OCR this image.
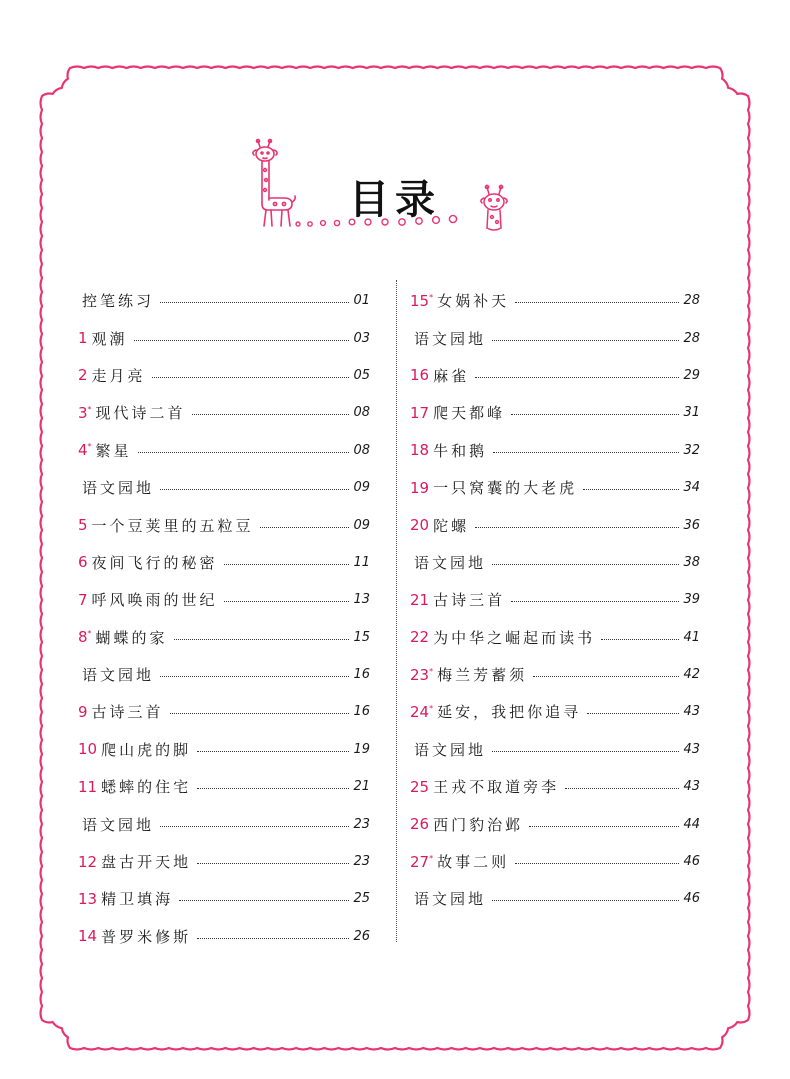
目录
控笔练习	01
1 观潮	03
2 走月亮	05
3* 现代诗二首	08
4* 繁星	08
语文园地	09
5 一个豆荚里的五粒豆	09
6 夜间飞行的秘密	11
7 呼风唤雨的世纪	13
8* 蝴蝶的家	15
语文园地	16
9 古诗三首	16
10 爬山虎的脚	19
11 蟋蟀的住宅	21
语文园地	23
12 盘古开天地	23
13 精卫填海	25
14 普罗米修斯	26
15* 女娲补天	28
语文园地	28
16 麻雀	29
17 爬天都峰	31
18 牛和鹅	32
19 一只窝囊的大老虎	34
20 陀螺	36
语文园地	38
21 古诗三首	39
22 为中华之崛起而读书	41
23* 梅兰芳蓄须	42
24* 延安，我把你追寻	43
语文园地	43
25 王戎不取道旁李	43
26 西门豹治邺	44
27* 故事二则	46
语文园地	46
